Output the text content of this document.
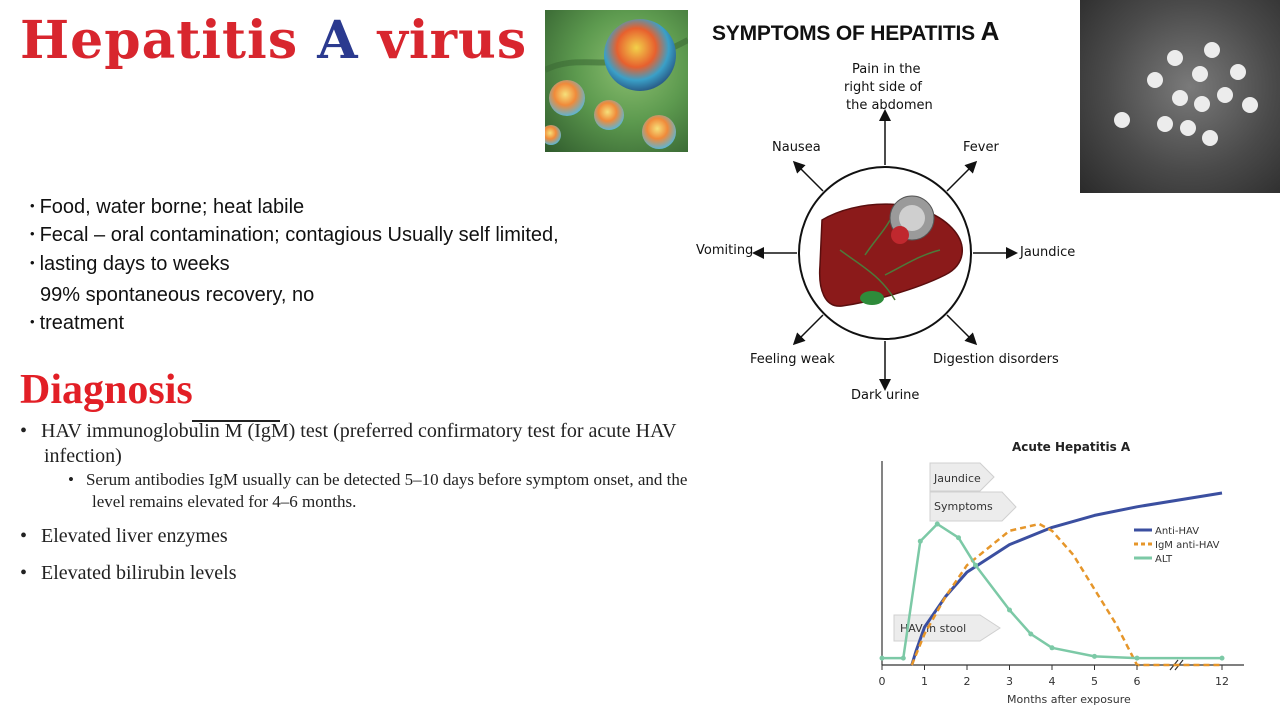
Hepatitis A virus
• Food, water borne; heat labile
• Fecal – oral contamination; contagious Usually self limited,
• lasting days to weeks
99% spontaneous recovery, no
• treatment
Diagnosis
• HAV immunoglobulin M (IgM) test (preferred confirmatory test for acute HAV
infection)
• Serum antibodies IgM usually can be detected 5–10 days before symptom onset, and the
level remains elevated for 4–6 months.
• Elevated liver enzymes
• Elevated bilirubin levels
SYMPTOMS OF HEPATITIS A
Pain in the
right side of
the abdomen
Nausea	Fever
Vomiting	Jaundice
Feeling weak	Digestion disorders
Dark urine
Acute Hepatitis A
Jaundice
Symptoms
HAV in stool
0	1	2	3	4	5	6	12
Months after exposure
Anti-HAV
IgM anti-HAV
ALT
